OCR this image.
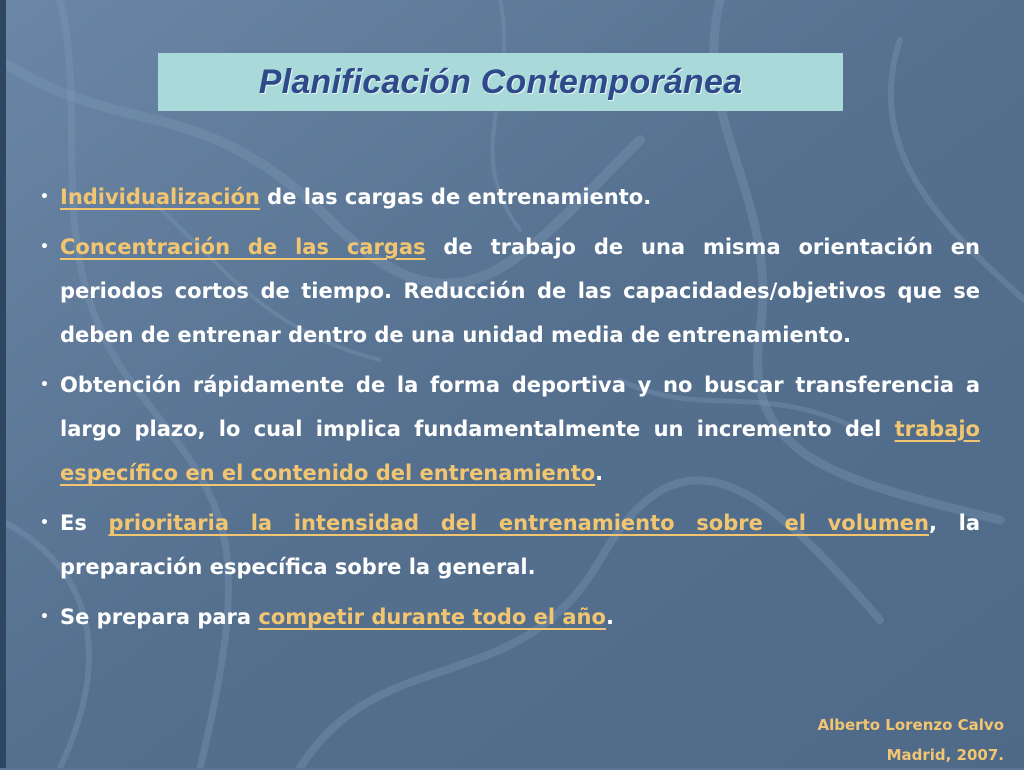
Planificación Contemporánea
• Individualización de las cargas de entrenamiento.
• Concentración de las cargas de trabajo de una misma orientación en periodos cortos de tiempo. Reducción de las capacidades/objetivos que se deben de entrenar dentro de una unidad media de entrenamiento.
• Obtención rápidamente de la forma deportiva y no buscar transferencia a largo plazo, lo cual implica fundamentalmente un incremento del trabajo específico en el contenido del entrenamiento.
• Es prioritaria la intensidad del entrenamiento sobre el volumen, la preparación específica sobre la general.
• Se prepara para competir durante todo el año.
Alberto Lorenzo Calvo
Madrid, 2007.
